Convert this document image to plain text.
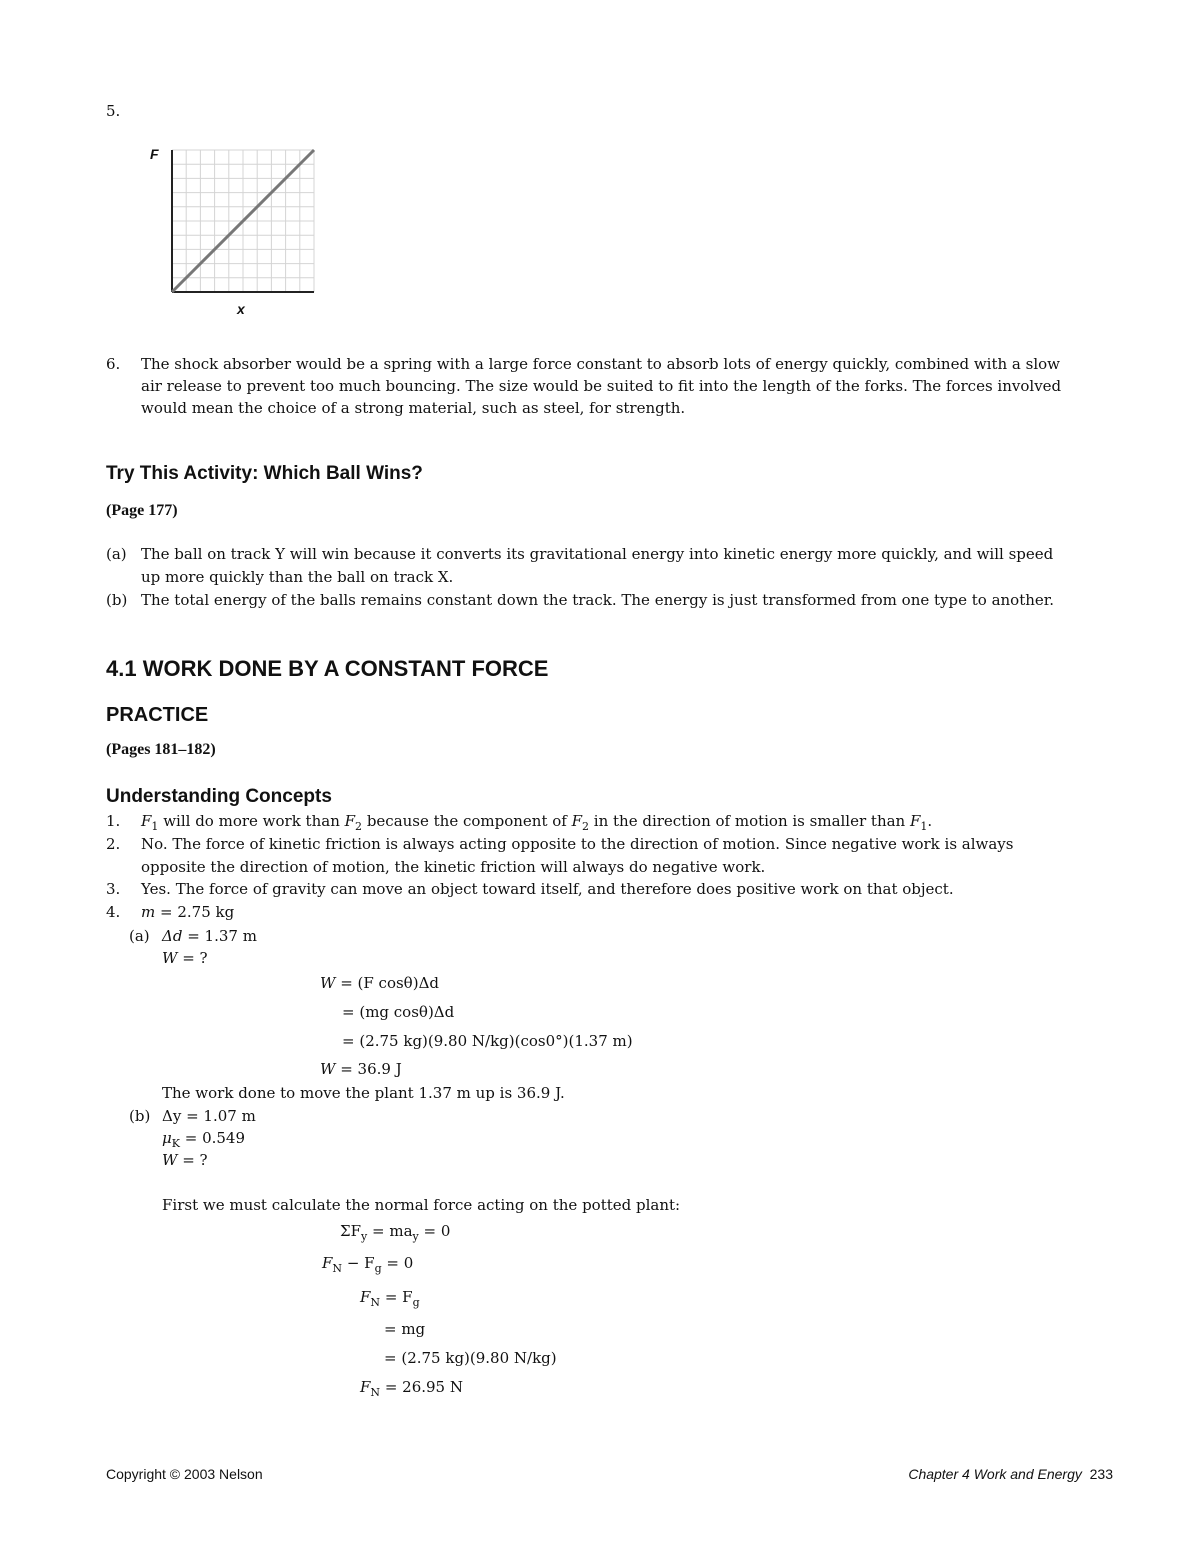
5.
F
x
6. The shock absorber would be a spring with a large force constant to absorb lots of energy quickly, combined with a slow
air release to prevent too much bouncing. The size would be suited to fit into the length of the forks. The forces involved
would mean the choice of a strong material, such as steel, for strength.
Try This Activity: Which Ball Wins?
(Page 177)
(a) The ball on track Y will win because it converts its gravitational energy into kinetic energy more quickly, and will speed
up more quickly than the ball on track X.
(b) The total energy of the balls remains constant down the track. The energy is just transformed from one type to another.
4.1 WORK DONE BY A CONSTANT FORCE
PRACTICE
(Pages 181–182)
Understanding Concepts
1. $F_1$ will do more work than $F_2$ because the component of $F_2$ in the direction of motion is smaller than $F_1$.
2. No. The force of kinetic friction is always acting opposite to the direction of motion. Since negative work is always
opposite the direction of motion, the kinetic friction will always do negative work.
3. Yes. The force of gravity can move an object toward itself, and therefore does positive work on that object.
4. m = 2.75 kg
(a) Δd = 1.37 m
W = ?
W = (F cosθ)Δd
= (mg cosθ)Δd
= (2.75 kg)(9.80 N/kg)(cos0°)(1.37 m)
W = 36.9 J
The work done to move the plant 1.37 m up is 36.9 J.
(b) Δy = 1.07 m
$\mu_K = 0.549$
W = ?
First we must calculate the normal force acting on the potted plant:
$\Sigma F_y = ma_y = 0$
$F_N - F_g = 0$
$F_N = F_g$
= mg
= (2.75 kg)(9.80 N/kg)
$F_N = 26.95$ N
Copyright © 2003 Nelson	Chapter 4 Work and Energy 233
